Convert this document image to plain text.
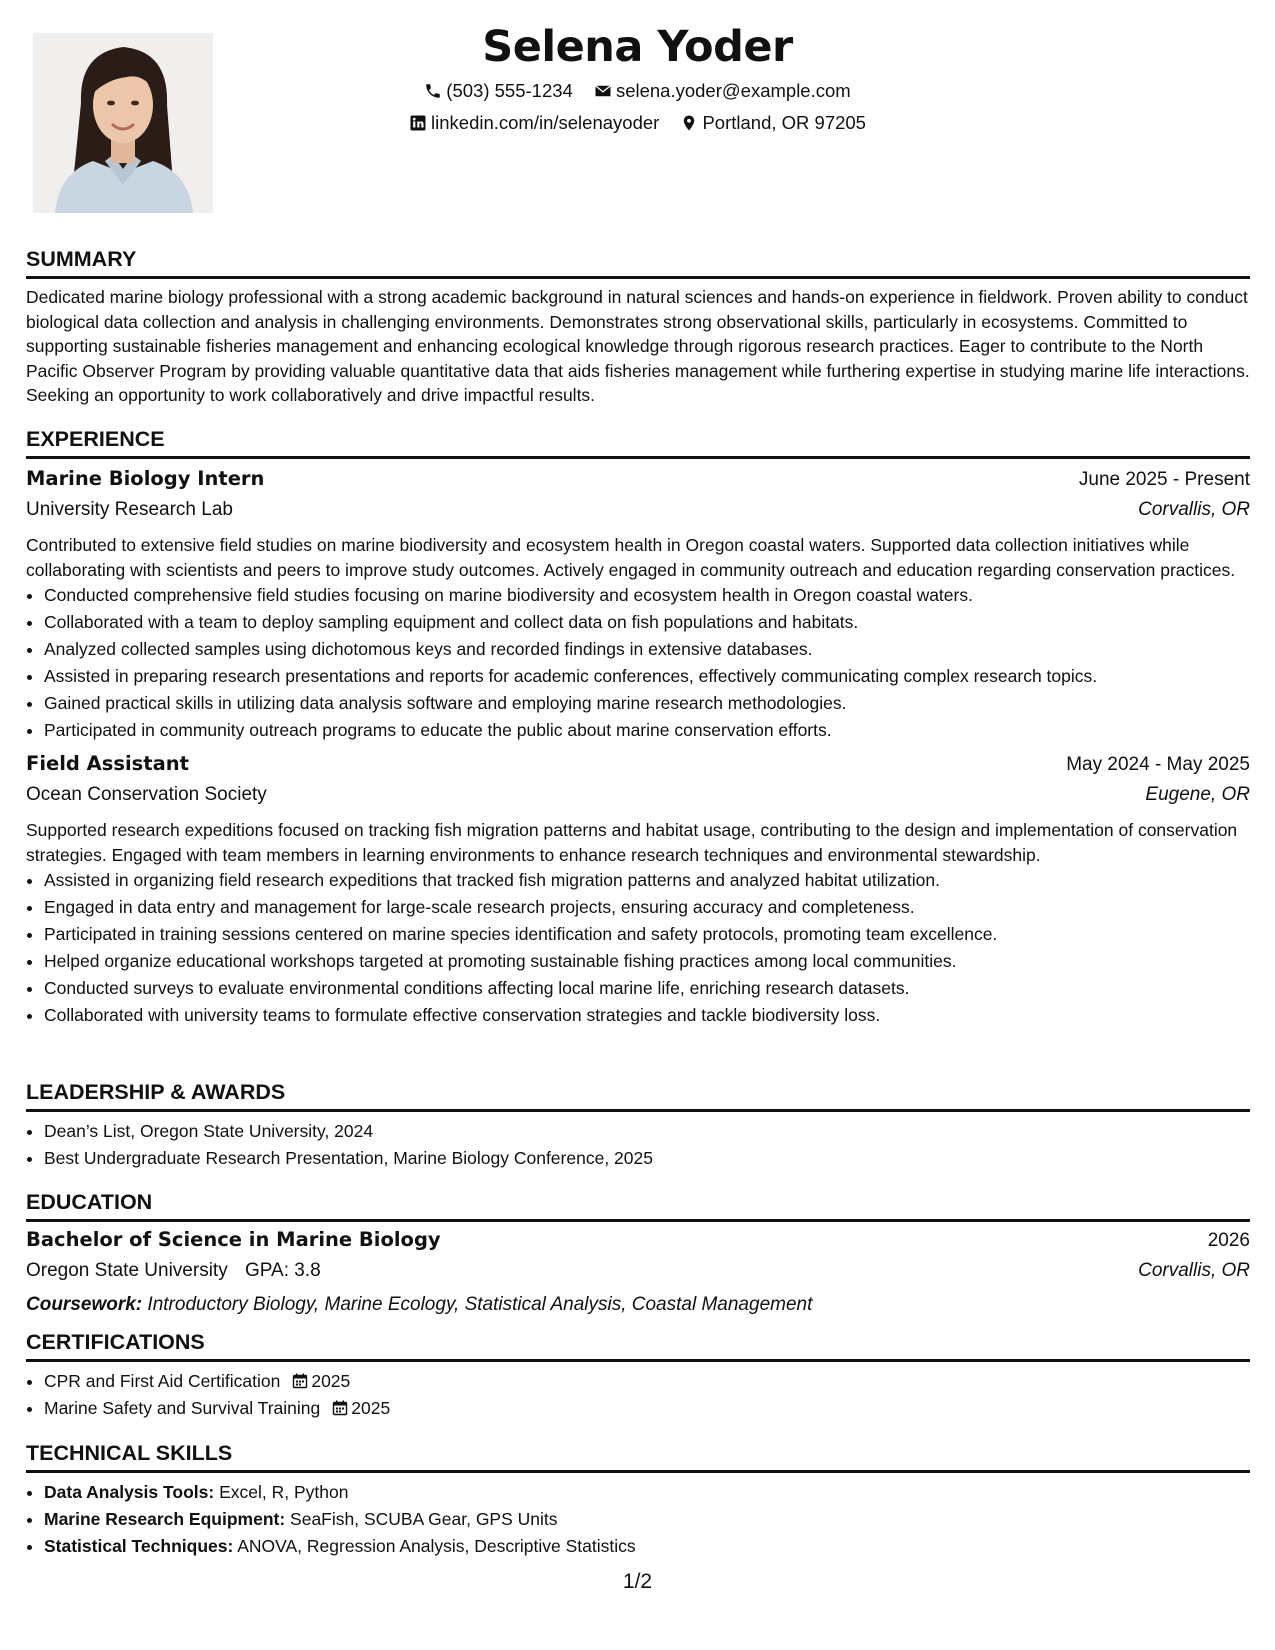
Selena Yoder
(503) 555-1234
selena.yoder@example.com
linkedin.com/in/selenayoder
Portland, OR 97205
SUMMARY
Dedicated marine biology professional with a strong academic background in natural sciences and hands-on experience in fieldwork. Proven ability to conduct biological data collection and analysis in challenging environments. Demonstrates strong observational skills, particularly in ecosystems. Committed to supporting sustainable fisheries management and enhancing ecological knowledge through rigorous research practices. Eager to contribute to the North Pacific Observer Program by providing valuable quantitative data that aids fisheries management while furthering expertise in studying marine life interactions. Seeking an opportunity to work collaboratively and drive impactful results.
EXPERIENCE
Marine Biology Intern	June 2025 - Present
University Research Lab	Corvallis, OR
Contributed to extensive field studies on marine biodiversity and ecosystem health in Oregon coastal waters. Supported data collection initiatives while collaborating with scientists and peers to improve study outcomes. Actively engaged in community outreach and education regarding conservation practices.
• Conducted comprehensive field studies focusing on marine biodiversity and ecosystem health in Oregon coastal waters.
• Collaborated with a team to deploy sampling equipment and collect data on fish populations and habitats.
• Analyzed collected samples using dichotomous keys and recorded findings in extensive databases.
• Assisted in preparing research presentations and reports for academic conferences, effectively communicating complex research topics.
• Gained practical skills in utilizing data analysis software and employing marine research methodologies.
• Participated in community outreach programs to educate the public about marine conservation efforts.
Field Assistant	May 2024 - May 2025
Ocean Conservation Society	Eugene, OR
Supported research expeditions focused on tracking fish migration patterns and habitat usage, contributing to the design and implementation of conservation strategies. Engaged with team members in learning environments to enhance research techniques and environmental stewardship.
• Assisted in organizing field research expeditions that tracked fish migration patterns and analyzed habitat utilization.
• Engaged in data entry and management for large-scale research projects, ensuring accuracy and completeness.
• Participated in training sessions centered on marine species identification and safety protocols, promoting team excellence.
• Helped organize educational workshops targeted at promoting sustainable fishing practices among local communities.
• Conducted surveys to evaluate environmental conditions affecting local marine life, enriching research datasets.
• Collaborated with university teams to formulate effective conservation strategies and tackle biodiversity loss.
LEADERSHIP & AWARDS
• Dean’s List, Oregon State University, 2024
• Best Undergraduate Research Presentation, Marine Biology Conference, 2025
EDUCATION
Bachelor of Science in Marine Biology	2026
Oregon State University GPA: 3.8	Corvallis, OR
Coursework: Introductory Biology, Marine Ecology, Statistical Analysis, Coastal Management
CERTIFICATIONS
• CPR and First Aid Certification 2025
• Marine Safety and Survival Training 2025
TECHNICAL SKILLS
• Data Analysis Tools: Excel, R, Python
• Marine Research Equipment: SeaFish, SCUBA Gear, GPS Units
• Statistical Techniques: ANOVA, Regression Analysis, Descriptive Statistics
1/2
